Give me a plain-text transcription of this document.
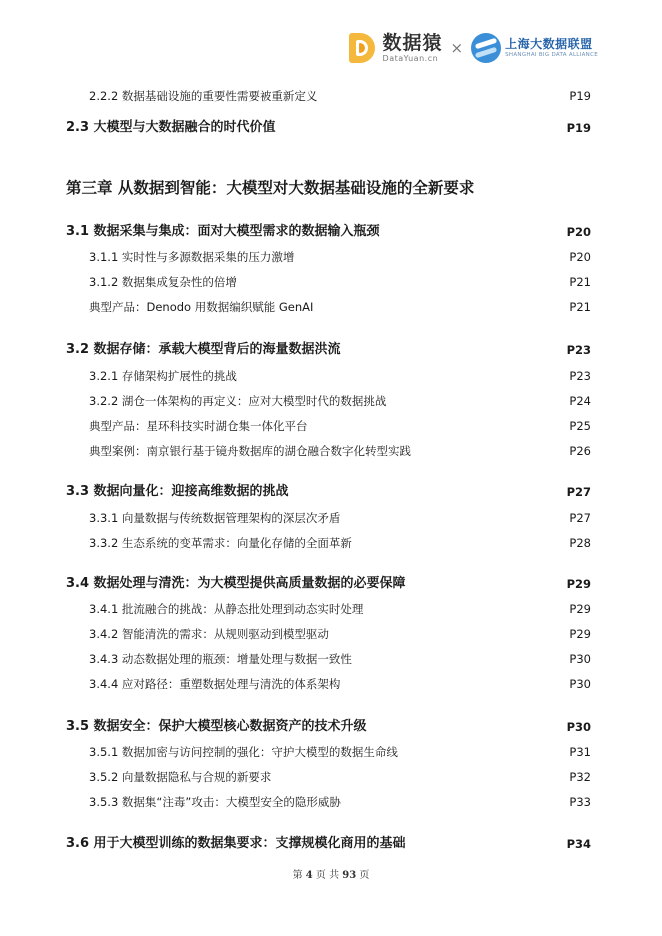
数据猿
DataYuan.cn
×	上海大数据联盟
SHANGHAI BIG DATA ALLIANCE
2.2.2 数据基础设施的重要性需要被重新定义	P19
2.3 大模型与大数据融合的时代价值	P19
第三章 从数据到智能：大模型对大数据基础设施的全新要求
3.1 数据采集与集成：面对大模型需求的数据输入瓶颈	P20
3.1.1 实时性与多源数据采集的压力激增	P20
3.1.2 数据集成复杂性的倍增	P21
典型产品：Denodo 用数据编织赋能 GenAI	P21
3.2 数据存储：承载大模型背后的海量数据洪流	P23
3.2.1 存储架构扩展性的挑战	P23
3.2.2 湖仓一体架构的再定义：应对大模型时代的数据挑战	P24
典型产品：星环科技实时湖仓集一体化平台	P25
典型案例：南京银行基于镜舟数据库的湖仓融合数字化转型实践	P26
3.3 数据向量化：迎接高维数据的挑战	P27
3.3.1 向量数据与传统数据管理架构的深层次矛盾	P27
3.3.2 生态系统的变革需求：向量化存储的全面革新	P28
3.4 数据处理与清洗：为大模型提供高质量数据的必要保障	P29
3.4.1 批流融合的挑战：从静态批处理到动态实时处理	P29
3.4.2 智能清洗的需求：从规则驱动到模型驱动	P29
3.4.3 动态数据处理的瓶颈：增量处理与数据一致性	P30
3.4.4 应对路径：重塑数据处理与清洗的体系架构	P30
3.5 数据安全：保护大模型核心数据资产的技术升级	P30
3.5.1 数据加密与访问控制的强化：守护大模型的数据生命线	P31
3.5.2 向量数据隐私与合规的新要求	P32
3.5.3 数据集“注毒”攻击：大模型安全的隐形威胁	P33
3.6 用于大模型训练的数据集要求：支撑规模化商用的基础	P34
第 4 页 共 93 页
